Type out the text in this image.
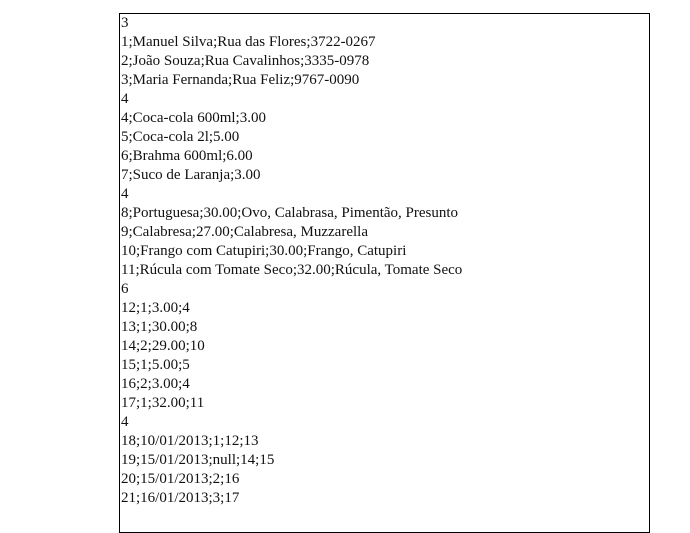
3
1;Manuel Silva;Rua das Flores;3722-0267
2;João Souza;Rua Cavalinhos;3335-0978
3;Maria Fernanda;Rua Feliz;9767-0090
4
4;Coca-cola 600ml;3.00
5;Coca-cola 2l;5.00
6;Brahma 600ml;6.00
7;Suco de Laranja;3.00
4
8;Portuguesa;30.00;Ovo, Calabrasa, Pimentão, Presunto
9;Calabresa;27.00;Calabresa, Muzzarella
10;Frango com Catupiri;30.00;Frango, Catupiri
11;Rúcula com Tomate Seco;32.00;Rúcula, Tomate Seco
6
12;1;3.00;4
13;1;30.00;8
14;2;29.00;10
15;1;5.00;5
16;2;3.00;4
17;1;32.00;11
4
18;10/01/2013;1;12;13
19;15/01/2013;null;14;15
20;15/01/2013;2;16
21;16/01/2013;3;17
